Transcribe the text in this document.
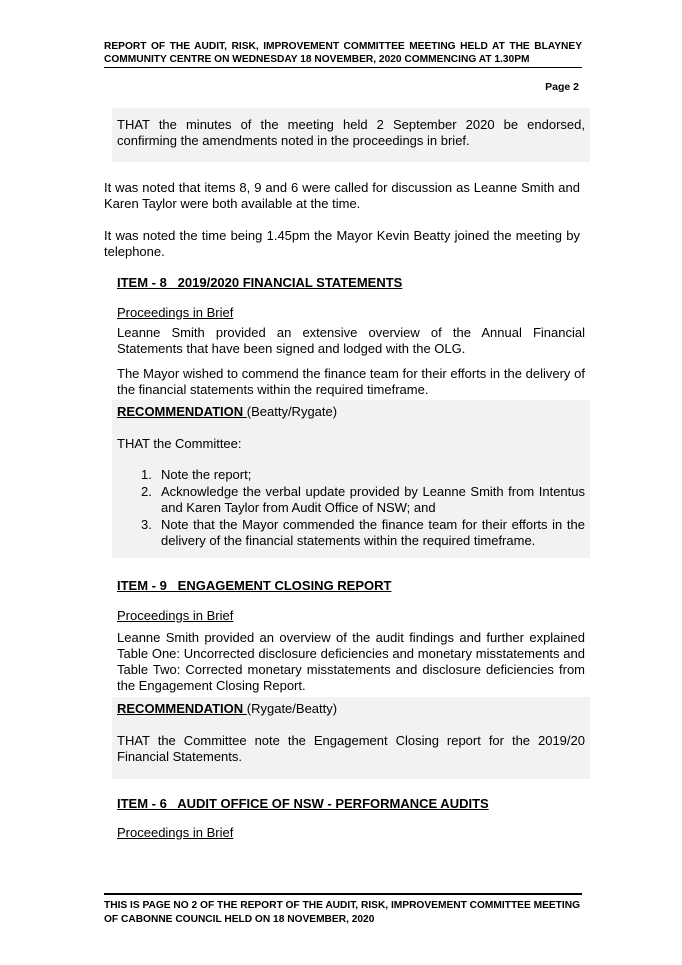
REPORT OF THE AUDIT, RISK, IMPROVEMENT COMMITTEE MEETING HELD AT THE BLAYNEY COMMUNITY CENTRE ON WEDNESDAY 18 NOVEMBER, 2020 COMMENCING AT 1.30PM
Page 2

THAT the minutes of the meeting held 2 September 2020 be endorsed, confirming the amendments noted in the proceedings in brief.

It was noted that items 8, 9 and 6 were called for discussion as Leanne Smith and Karen Taylor were both available at the time.

It was noted the time being 1.45pm the Mayor Kevin Beatty joined the meeting by telephone.

ITEM - 8   2019/2020 FINANCIAL STATEMENTS
Proceedings in Brief

Leanne Smith provided an extensive overview of the Annual Financial Statements that have been signed and lodged with the OLG.

The Mayor wished to commend the finance team for their efforts in the delivery of the financial statements within the required timeframe.

RECOMMENDATION (Beatty/Rygate)
THAT the Committee:
1. Note the report;
2. Acknowledge the verbal update provided by Leanne Smith from Intentus and Karen Taylor from Audit Office of NSW; and
3. Note that the Mayor commended the finance team for their efforts in the delivery of the financial statements within the required timeframe.
ITEM - 9   ENGAGEMENT CLOSING REPORT
Proceedings in Brief

Leanne Smith provided an overview of the audit findings and further explained Table One: Uncorrected disclosure deficiencies and monetary misstatements and Table Two: Corrected monetary misstatements and disclosure deficiencies from the Engagement Closing Report.

RECOMMENDATION (Rygate/Beatty)

THAT the Committee note the Engagement Closing report for the 2019/20 Financial Statements.

ITEM - 6   AUDIT OFFICE OF NSW - PERFORMANCE AUDITS
Proceedings in Brief
THIS IS PAGE NO 2 OF THE REPORT OF THE AUDIT, RISK, IMPROVEMENT COMMITTEE MEETING OF CABONNE COUNCIL HELD ON 18 NOVEMBER, 2020
